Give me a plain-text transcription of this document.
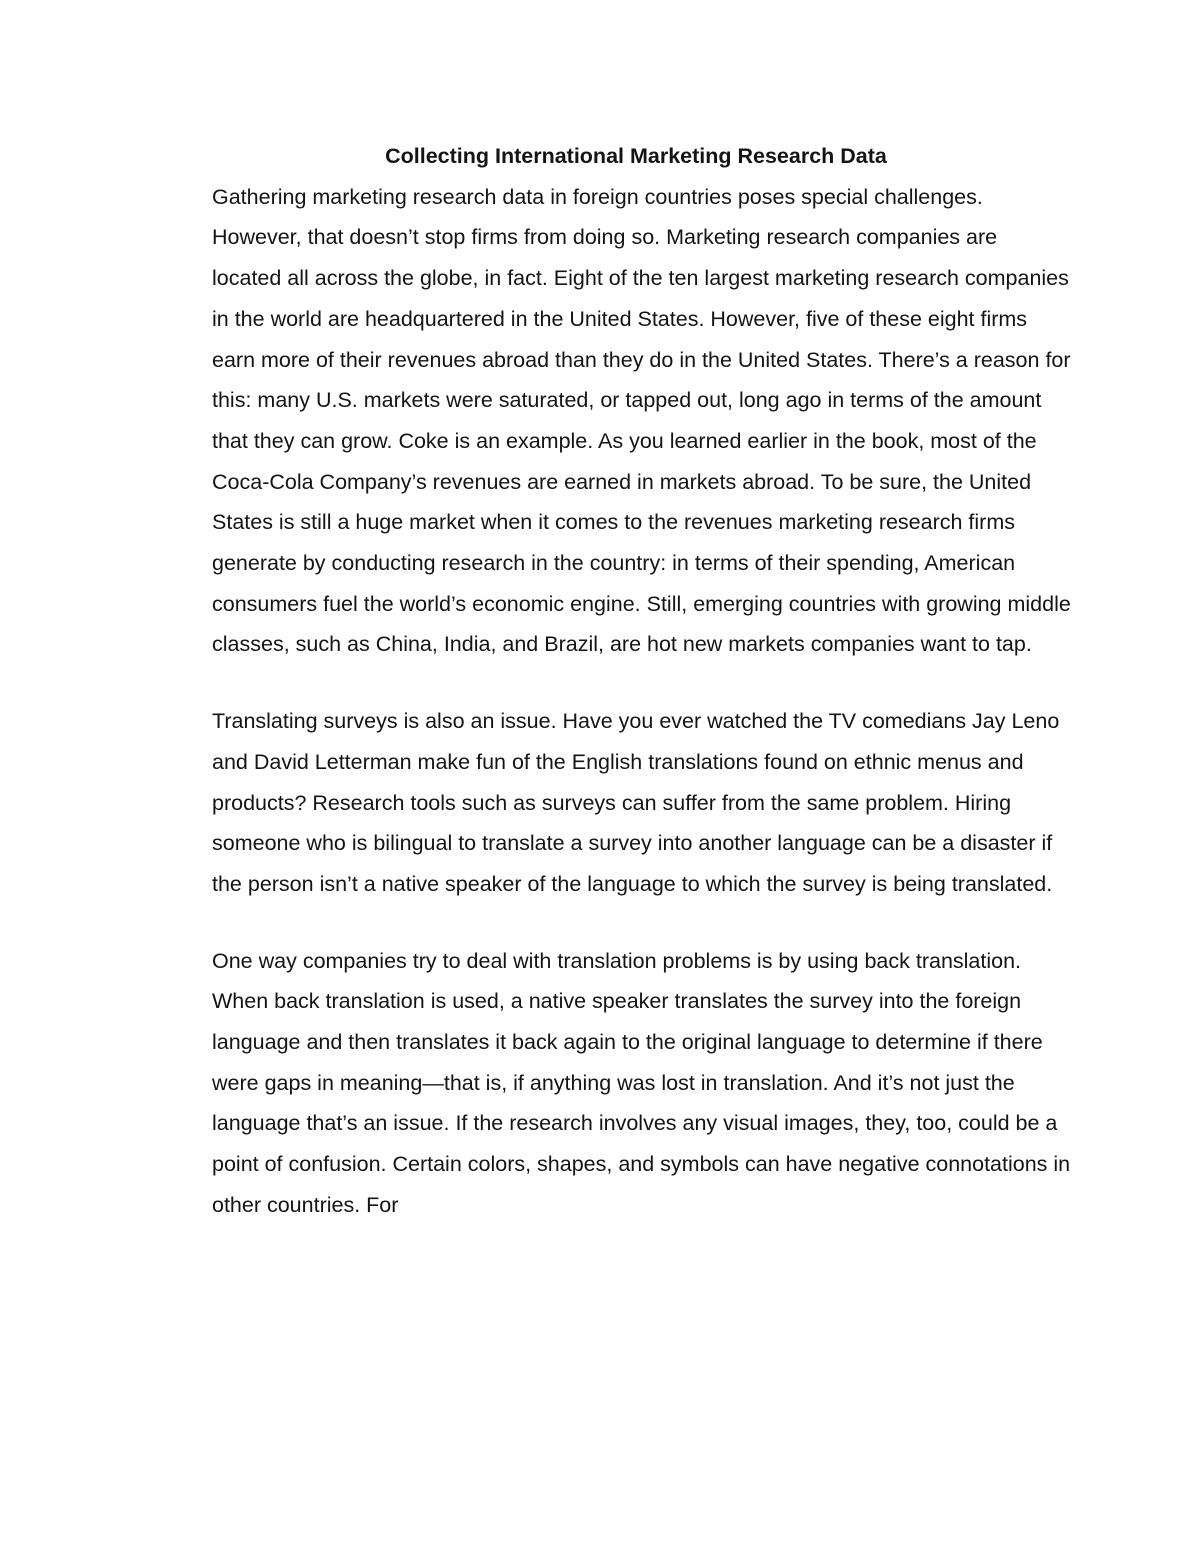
Collecting International Marketing Research Data

Gathering marketing research data in foreign countries poses special challenges. However, that doesn’t stop firms from doing so. Marketing research companies are located all across the globe, in fact. Eight of the ten largest marketing research companies in the world are headquartered in the United States. However, five of these eight firms earn more of their revenues abroad than they do in the United States. There’s a reason for this: many U.S. markets were saturated, or tapped out, long ago in terms of the amount that they can grow. Coke is an example. As you learned earlier in the book, most of the Coca-Cola Company’s revenues are earned in markets abroad. To be sure, the United States is still a huge market when it comes to the revenues marketing research firms generate by conducting research in the country: in terms of their spending, American consumers fuel the world’s economic engine. Still, emerging countries with growing middle classes, such as China, India, and Brazil, are hot new markets companies want to tap.

Translating surveys is also an issue. Have you ever watched the TV comedians Jay Leno and David Letterman make fun of the English translations found on ethnic menus and products? Research tools such as surveys can suffer from the same problem. Hiring someone who is bilingual to translate a survey into another language can be a disaster if the person isn’t a native speaker of the language to which the survey is being translated.

One way companies try to deal with translation problems is by using back translation.

When back translation is used, a native speaker translates the survey into the foreign language and then translates it back again to the original language to determine if there were gaps in meaning—that is, if anything was lost in translation. And it’s not just the language that’s an issue. If the research involves any visual images, they, too, could be a point of confusion. Certain colors, shapes, and symbols can have negative connotations in other countries. For
